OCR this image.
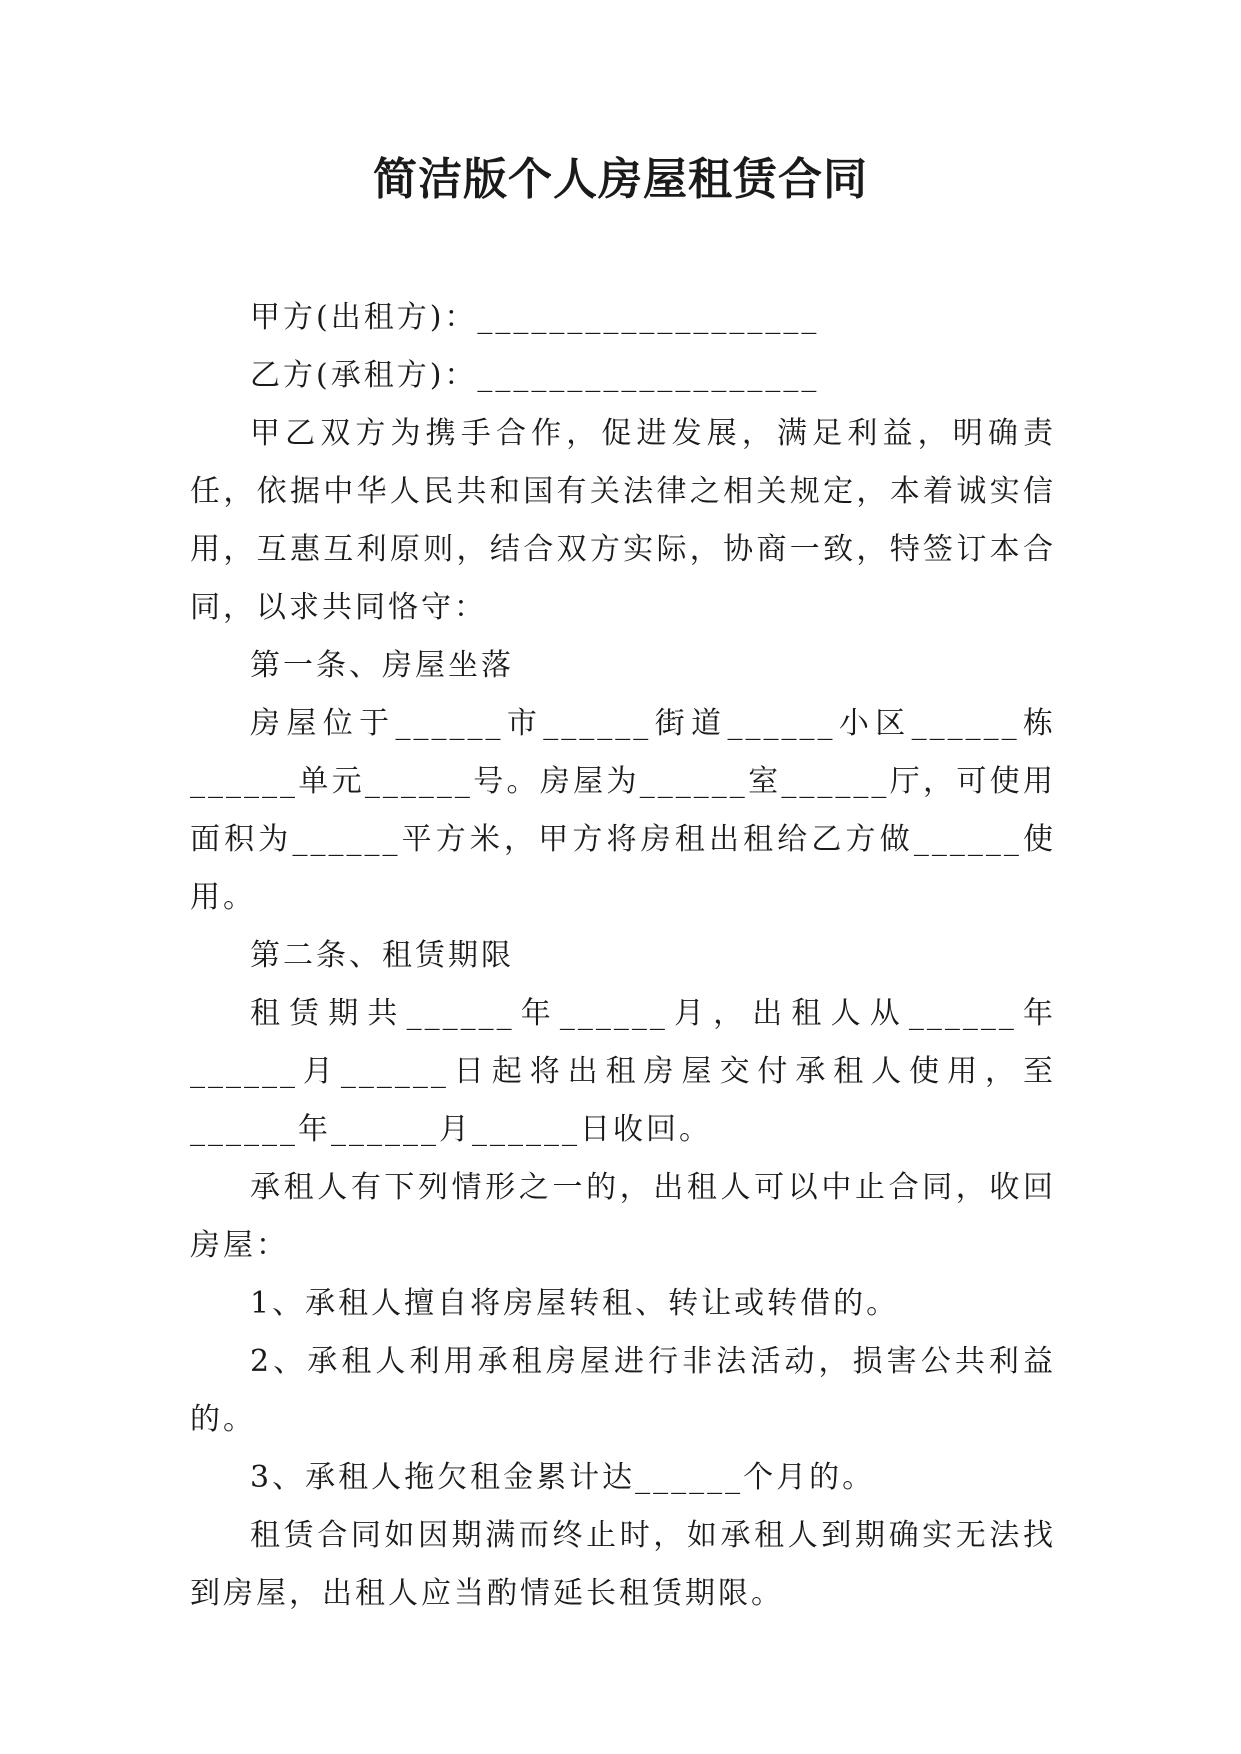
简洁版个人房屋租赁合同

甲方(出租方)：___________________

乙方(承租方)：___________________

甲乙双方为携手合作，促进发展，满足利益，明确责任，依据中华人民共和国有关法律之相关规定，本着诚实信用，互惠互利原则，结合双方实际，协商一致，特签订本合同，以求共同恪守：

第一条、房屋坐落

房屋位于______市______街道______小区______栋______单元______号。房屋为______室______厅，可使用面积为______平方米，甲方将房租出租给乙方做______使用。

第二条、租赁期限

租赁期共______年______月，出租人从______年______月______日起将出租房屋交付承租人使用，至______年______月______日收回。

承租人有下列情形之一的，出租人可以中止合同，收回房屋：

1、承租人擅自将房屋转租、转让或转借的。

2、承租人利用承租房屋进行非法活动，损害公共利益的。

3、承租人拖欠租金累计达______个月的。

租赁合同如因期满而终止时，如承租人到期确实无法找到房屋，出租人应当酌情延长租赁期限。
